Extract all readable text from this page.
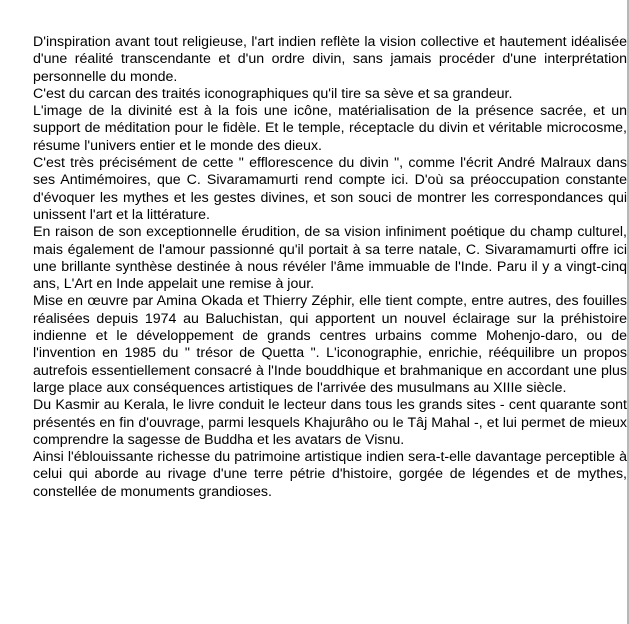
D'inspiration avant tout religieuse, l'art indien reflète la vision collective et hautement idéalisée d'une réalité transcendante et d'un ordre divin, sans jamais procéder d'une interprétation personnelle du monde.

C'est du carcan des traités iconographiques qu'il tire sa sève et sa grandeur.

L'image de la divinité est à la fois une icône, matérialisation de la présence sacrée, et un support de méditation pour le fidèle. Et le temple, réceptacle du divin et véritable microcosme, résume l'univers entier et le monde des dieux.

C'est très précisément de cette " efflorescence du divin ", comme l'écrit André Malraux dans ses Antimémoires, que C. Sivaramamurti rend compte ici. D'où sa préoccupation constante d'évoquer les mythes et les gestes divines, et son souci de montrer les correspondances qui unissent l'art et la littérature.

En raison de son exceptionnelle érudition, de sa vision infiniment poétique du champ culturel, mais également de l'amour passionné qu'il portait à sa terre natale, C. Sivaramamurti offre ici une brillante synthèse destinée à nous révéler l'âme immuable de l'Inde. Paru il y a vingt-cinq ans, L'Art en Inde appelait une remise à jour.

Mise en œuvre par Amina Okada et Thierry Zéphir, elle tient compte, entre autres, des fouilles réalisées depuis 1974 au Baluchistan, qui apportent un nouvel éclairage sur la préhistoire indienne et le développement de grands centres urbains comme Mohenjo-daro, ou de l'invention en 1985 du " trésor de Quetta ". L'iconographie, enrichie, rééquilibre un propos autrefois essentiellement consacré à l'Inde bouddhique et brahmanique en accordant une plus large place aux conséquences artistiques de l'arrivée des musulmans au XIIIe siècle.

Du Kasmir au Kerala, le livre conduit le lecteur dans tous les grands sites - cent quarante sont présentés en fin d'ouvrage, parmi lesquels Khajurâho ou le Tâj Mahal -, et lui permet de mieux comprendre la sagesse de Buddha et les avatars de Visnu.

Ainsi l'éblouissante richesse du patrimoine artistique indien sera-t-elle davantage perceptible à celui qui aborde au rivage d'une terre pétrie d'histoire, gorgée de légendes et de mythes, constellée de monuments grandioses.
